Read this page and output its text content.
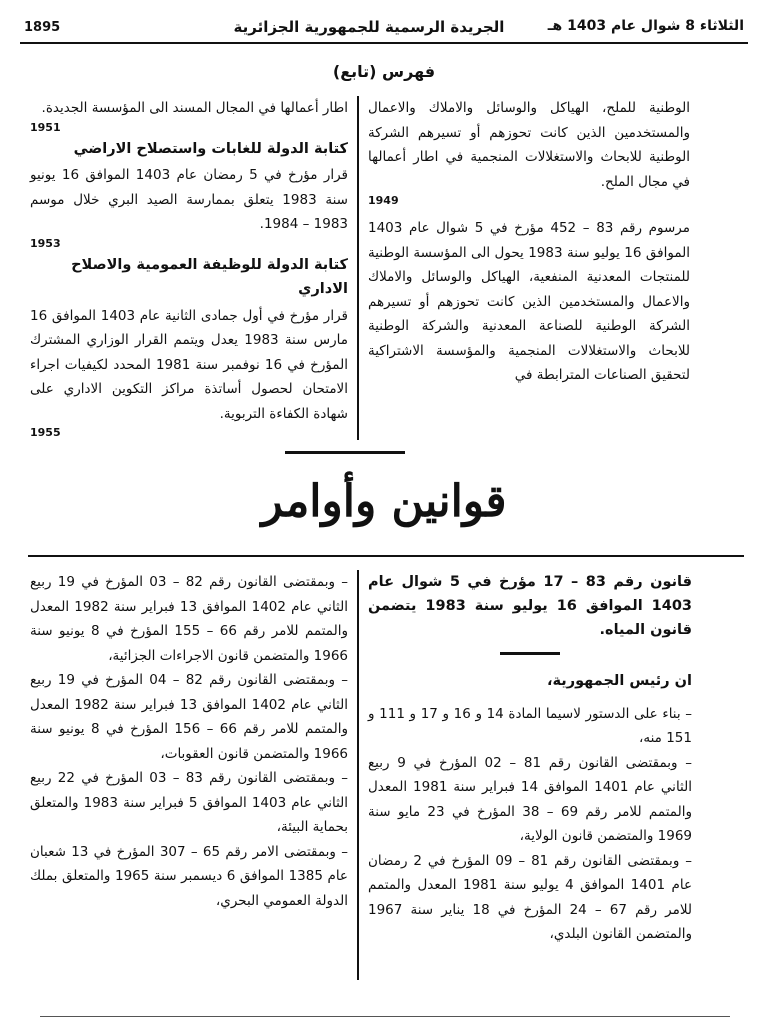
1895	الجريدة الرسمية للجمهورية الجزائرية	الثلاثاء 8 شوال عام 1403 هـ
فهرس (تابع)

الوطنية للملح، الهياكل والوسائل والاملاك والاعمال والمستخدمين الذين كانت تحوزهم أو تسيرهم الشركة الوطنية للابحاث والاستغلالات المنجمية في اطار أعمالها في مجال الملح.
1949

مرسوم رقم 83 – 452 مؤرخ في 5 شوال عام 1403 الموافق 16 يوليو سنة 1983 يحول الى المؤسسة الوطنية للمنتجات المعدنية المنفعية، الهياكل والوسائل والاملاك والاعمال والمستخدمين الذين كانت تحوزهم أو تسيرهم الشركة الوطنية للصناعة المعدنية والشركة الوطنية للابحاث والاستغلالات المنجمية والمؤسسة الاشتراكية لتحقيق الصناعات المترابطة في

اطار أعمالها في المجال المسند الى المؤسسة الجديدة.
1951

كتابة الدولة للغابات واستصلاح الاراضي

قرار مؤرخ في 5 رمضان عام 1403 الموافق 16 يونيو سنة 1983 يتعلق بممارسة الصيد البري خلال موسم 1983 – 1984.
1953

كتابة الدولة للوظيفة العمومية والاصلاح الاداري

قرار مؤرخ في أول جمادى الثانية عام 1403 الموافق 16 مارس سنة 1983 يعدل ويتمم القرار الوزاري المشترك المؤرخ في 16 نوفمبر سنة 1981 المحدد لكيفيات اجراء الامتحان لحصول أساتذة مراكز التكوين الاداري على شهادة الكفاءة التربوية.
1955

قوانين وأوامر

قانون رقم 83 – 17 مؤرخ في 5 شوال عام 1403 الموافق 16 يوليو سنة 1983 يتضمن قانون المياه.

ان رئيس الجمهورية،

– بناء على الدستور لاسيما المادة 14 و 16 و 17 و 111 و 151 منه،

– وبمقتضى القانون رقم 81 – 02 المؤرخ في 9 ربيع الثاني عام 1401 الموافق 14 فبراير سنة 1981 المعدل والمتمم للامر رقم 69 – 38 المؤرخ في 23 مايو سنة 1969 والمتضمن قانون الولاية،

– وبمقتضى القانون رقم 81 – 09 المؤرخ في 2 رمضان عام 1401 الموافق 4 يوليو سنة 1981 المعدل والمتمم للامر رقم 67 – 24 المؤرخ في 18 يناير سنة 1967 والمتضمن القانون البلدي،

– وبمقتضى القانون رقم 82 – 03 المؤرخ في 19 ربيع الثاني عام 1402 الموافق 13 فبراير سنة 1982 المعدل والمتمم للامر رقم 66 – 155 المؤرخ في 8 يونيو سنة 1966 والمتضمن قانون الاجراءات الجزائية،

– وبمقتضى القانون رقم 82 – 04 المؤرخ في 19 ربيع الثاني عام 1402 الموافق 13 فبراير سنة 1982 المعدل والمتمم للامر رقم 66 – 156 المؤرخ في 8 يونيو سنة 1966 والمتضمن قانون العقوبات،

– وبمقتضى القانون رقم 83 – 03 المؤرخ في 22 ربيع الثاني عام 1403 الموافق 5 فبراير سنة 1983 والمتعلق بحماية البيئة،

– وبمقتضى الامر رقم 65 – 307 المؤرخ في 13 شعبان عام 1385 الموافق 6 ديسمبر سنة 1965 والمتعلق بملك الدولة العمومي البحري،
